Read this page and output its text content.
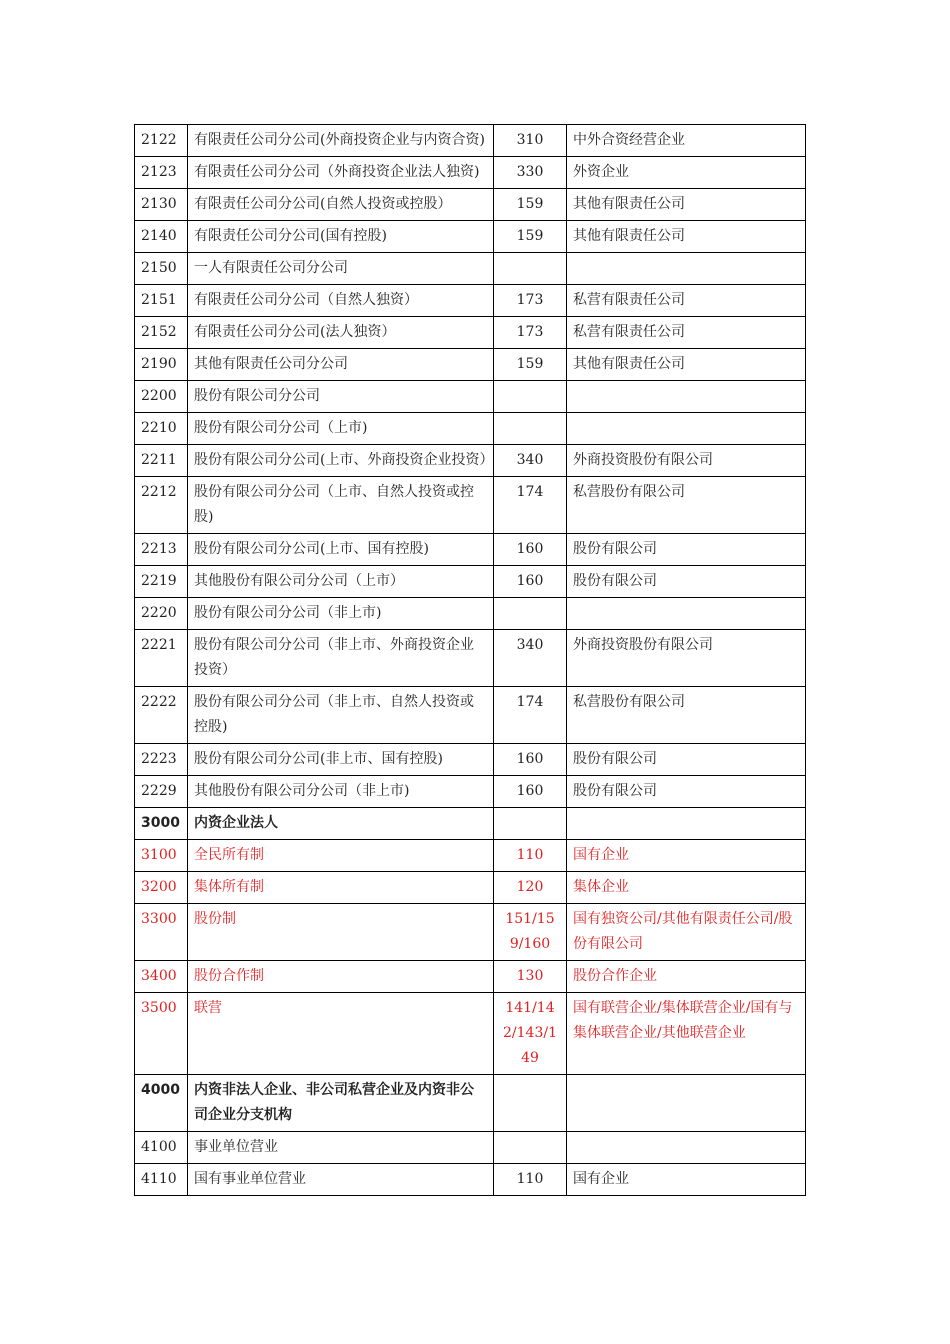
2122	有限责任公司分公司(外商投资企业与内资合资)	310	中外合资经营企业
2123	有限责任公司分公司（外商投资企业法人独资)	330	外资企业
2130	有限责任公司分公司(自然人投资或控股）	159	其他有限责任公司
2140	有限责任公司分公司(国有控股)	159	其他有限责任公司
2150	一人有限责任公司分公司		
2151	有限责任公司分公司（自然人独资）	173	私营有限责任公司
2152	有限责任公司分公司(法人独资）	173	私营有限责任公司
2190	其他有限责任公司分公司	159	其他有限责任公司
2200	股份有限公司分公司		
2210	股份有限公司分公司（上市)		
2211	股份有限公司分公司(上市、外商投资企业投资）	340	外商投资股份有限公司
2212	股份有限公司分公司（上市、自然人投资或控股)	174	私营股份有限公司
2213	股份有限公司分公司(上市、国有控股)	160	股份有限公司
2219	其他股份有限公司分公司（上市）	160	股份有限公司
2220	股份有限公司分公司（非上市)		
2221	股份有限公司分公司（非上市、外商投资企业投资）	340	外商投资股份有限公司
2222	股份有限公司分公司（非上市、自然人投资或控股)	174	私营股份有限公司
2223	股份有限公司分公司(非上市、国有控股)	160	股份有限公司
2229	其他股份有限公司分公司（非上市)	160	股份有限公司
3000	内资企业法人		
3100	全民所有制	110	国有企业
3200	集体所有制	120	集体企业
3300	股份制	151/159/160	国有独资公司/其他有限责任公司/股份有限公司
3400	股份合作制	130	股份合作企业
3500	联营	141/142/143/149	国有联营企业/集体联营企业/国有与集体联营企业/其他联营企业
4000	内资非法人企业、非公司私营企业及内资非公司企业分支机构		
4100	事业单位营业		
4110	国有事业单位营业	110	国有企业
